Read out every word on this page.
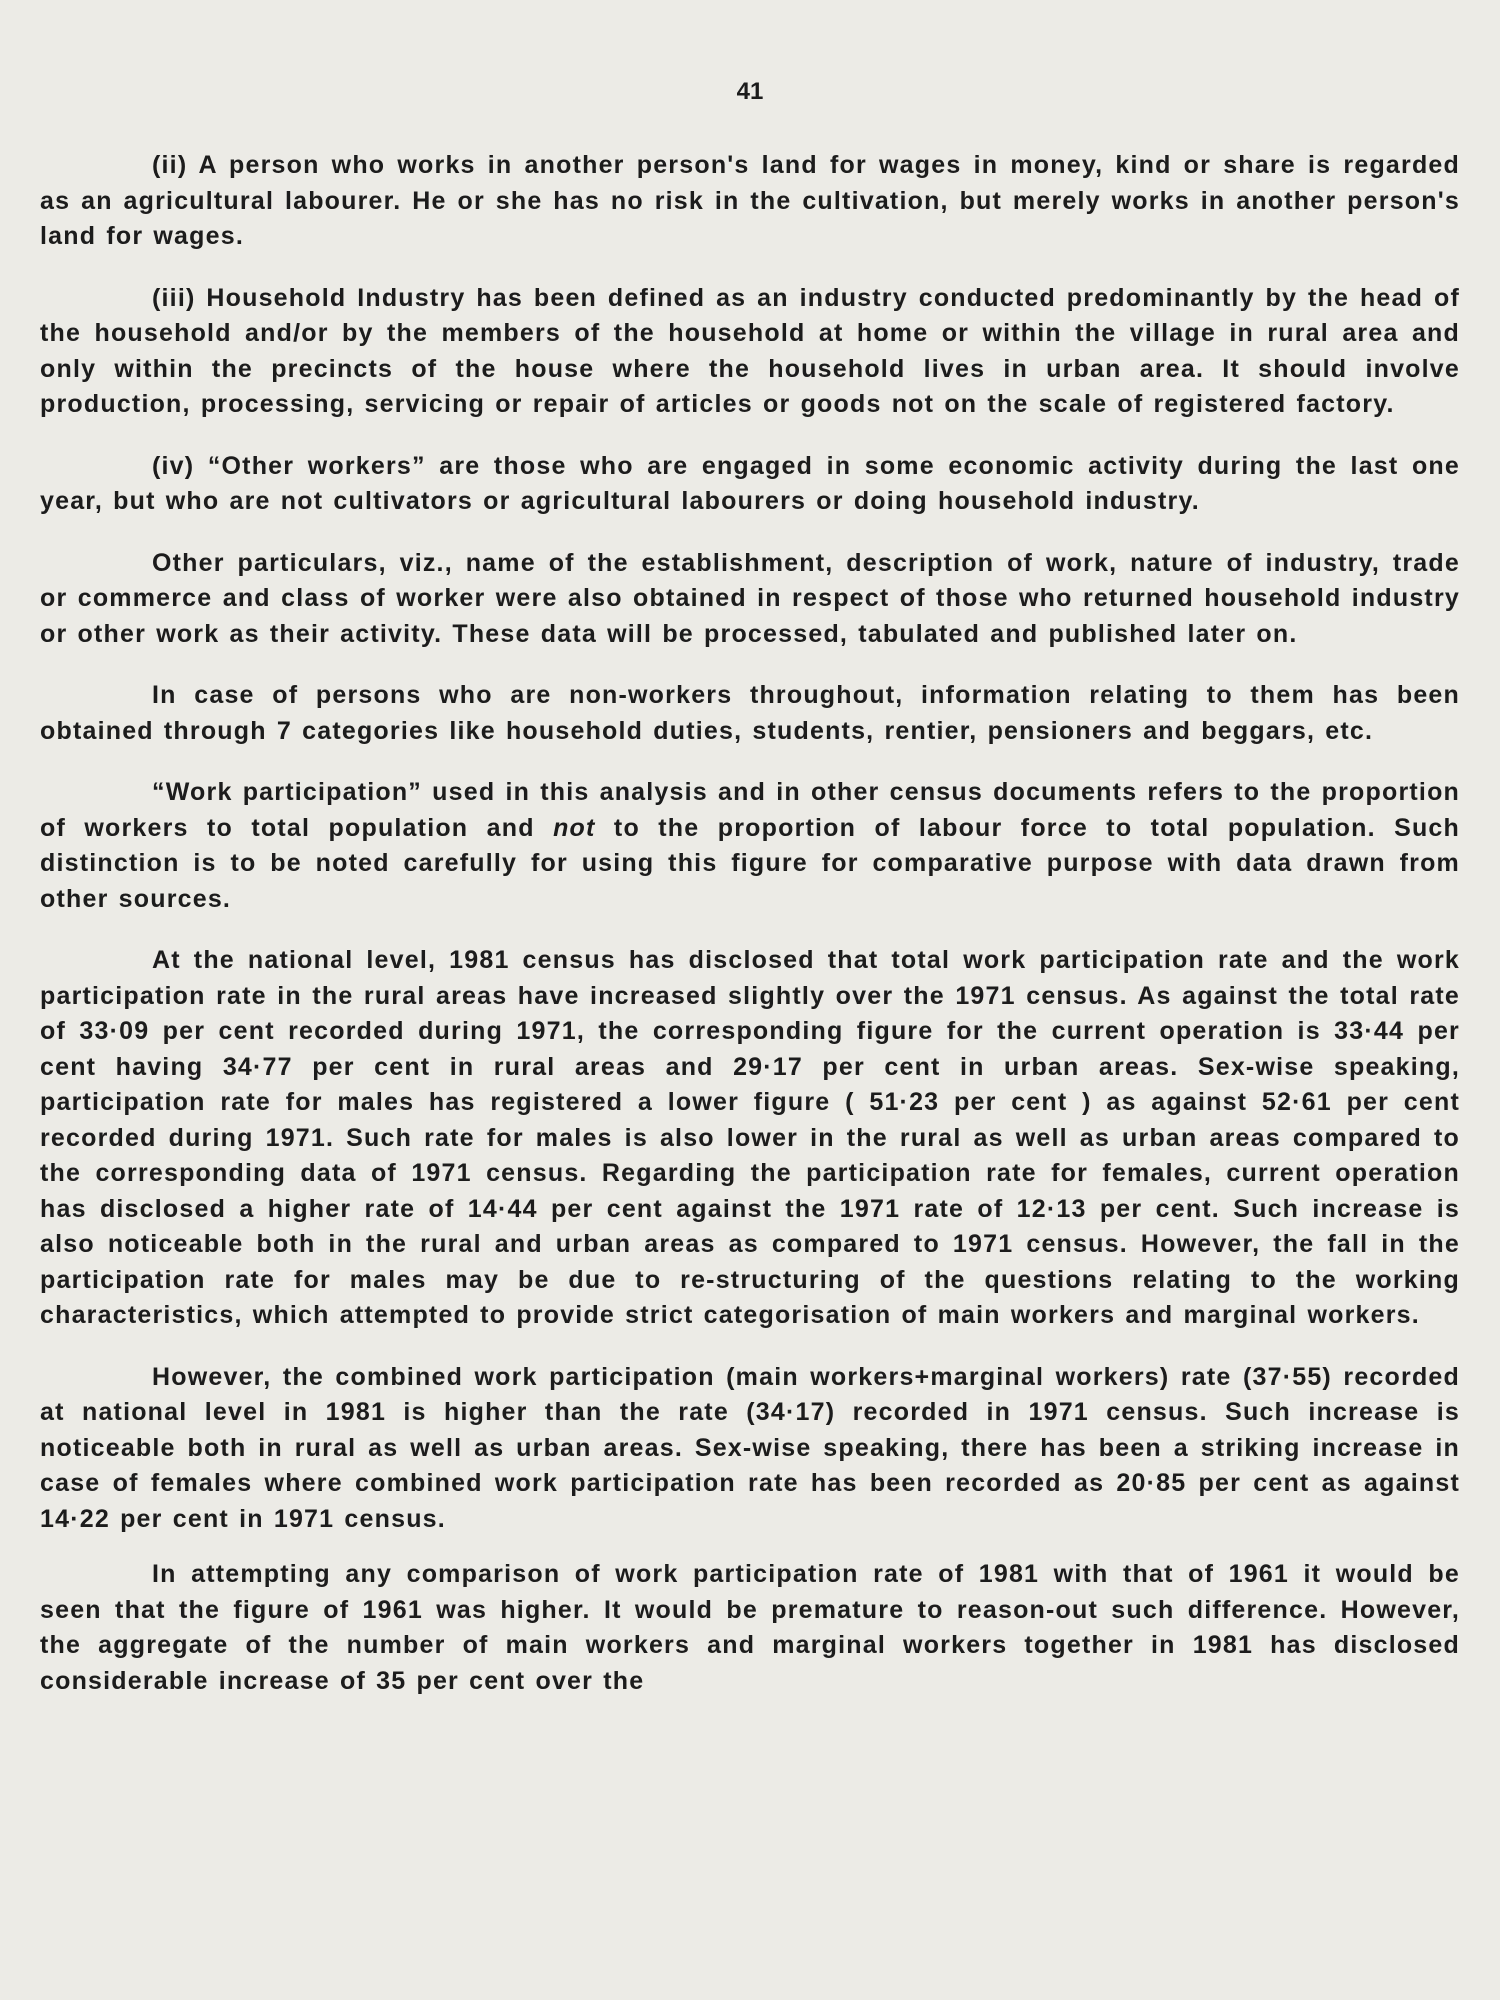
41

(ii) A person who works in another person's land for wages in money, kind or share is regarded as an agricultural labourer. He or she has no risk in the cultivation, but merely works in another person's land for wages.

(iii) Household Industry has been defined as an industry conducted predominantly by the head of the household and/or by the members of the household at home or within the village in rural area and only within the precincts of the house where the household lives in urban area. It should involve production, processing, servicing or repair of articles or goods not on the scale of registered factory.

(iv) “Other workers” are those who are engaged in some economic activity during the last one year, but who are not cultivators or agricultural labourers or doing household industry.

Other particulars, viz., name of the establishment, description of work, nature of industry, trade or commerce and class of worker were also obtained in respect of those who returned household industry or other work as their activity. These data will be processed, tabulated and published later on.

In case of persons who are non-workers throughout, information relating to them has been obtained through 7 categories like household duties, students, rentier, pensioners and beggars, etc.

“Work participation” used in this analysis and in other census documents refers to the proportion of workers to total population and not to the proportion of labour force to total population. Such distinction is to be noted carefully for using this figure for comparative purpose with data drawn from other sources.

At the national level, 1981 census has disclosed that total work participation rate and the work participation rate in the rural areas have increased slightly over the 1971 census. As against the total rate of 33·09 per cent recorded during 1971, the corresponding figure for the current operation is 33·44 per cent having 34·77 per cent in rural areas and 29·17 per cent in urban areas. Sex-wise speaking, participation rate for males has registered a lower figure ( 51·23 per cent ) as against 52·61 per cent recorded during 1971. Such rate for males is also lower in the rural as well as urban areas compared to the corresponding data of 1971 census. Regarding the participation rate for females, current operation has disclosed a higher rate of 14·44 per cent against the 1971 rate of 12·13 per cent. Such increase is also noticeable both in the rural and urban areas as compared to 1971 census. However, the fall in the participation rate for males may be due to re-structuring of the questions relating to the working characteristics, which attempted to provide strict categorisation of main workers and marginal workers.

However, the combined work participation (main workers+marginal workers) rate (37·55) recorded at national level in 1981 is higher than the rate (34·17) recorded in 1971 census. Such increase is noticeable both in rural as well as urban areas. Sex-wise speaking, there has been a striking increase in case of females where combined work participation rate has been recorded as 20·85 per cent as against 14·22 per cent in 1971 census.

In attempting any comparison of work participation rate of 1981 with that of 1961 it would be seen that the figure of 1961 was higher. It would be premature to reason-out such difference. However, the aggregate of the number of main workers and marginal workers together in 1981 has disclosed considerable increase of 35 per cent over the
